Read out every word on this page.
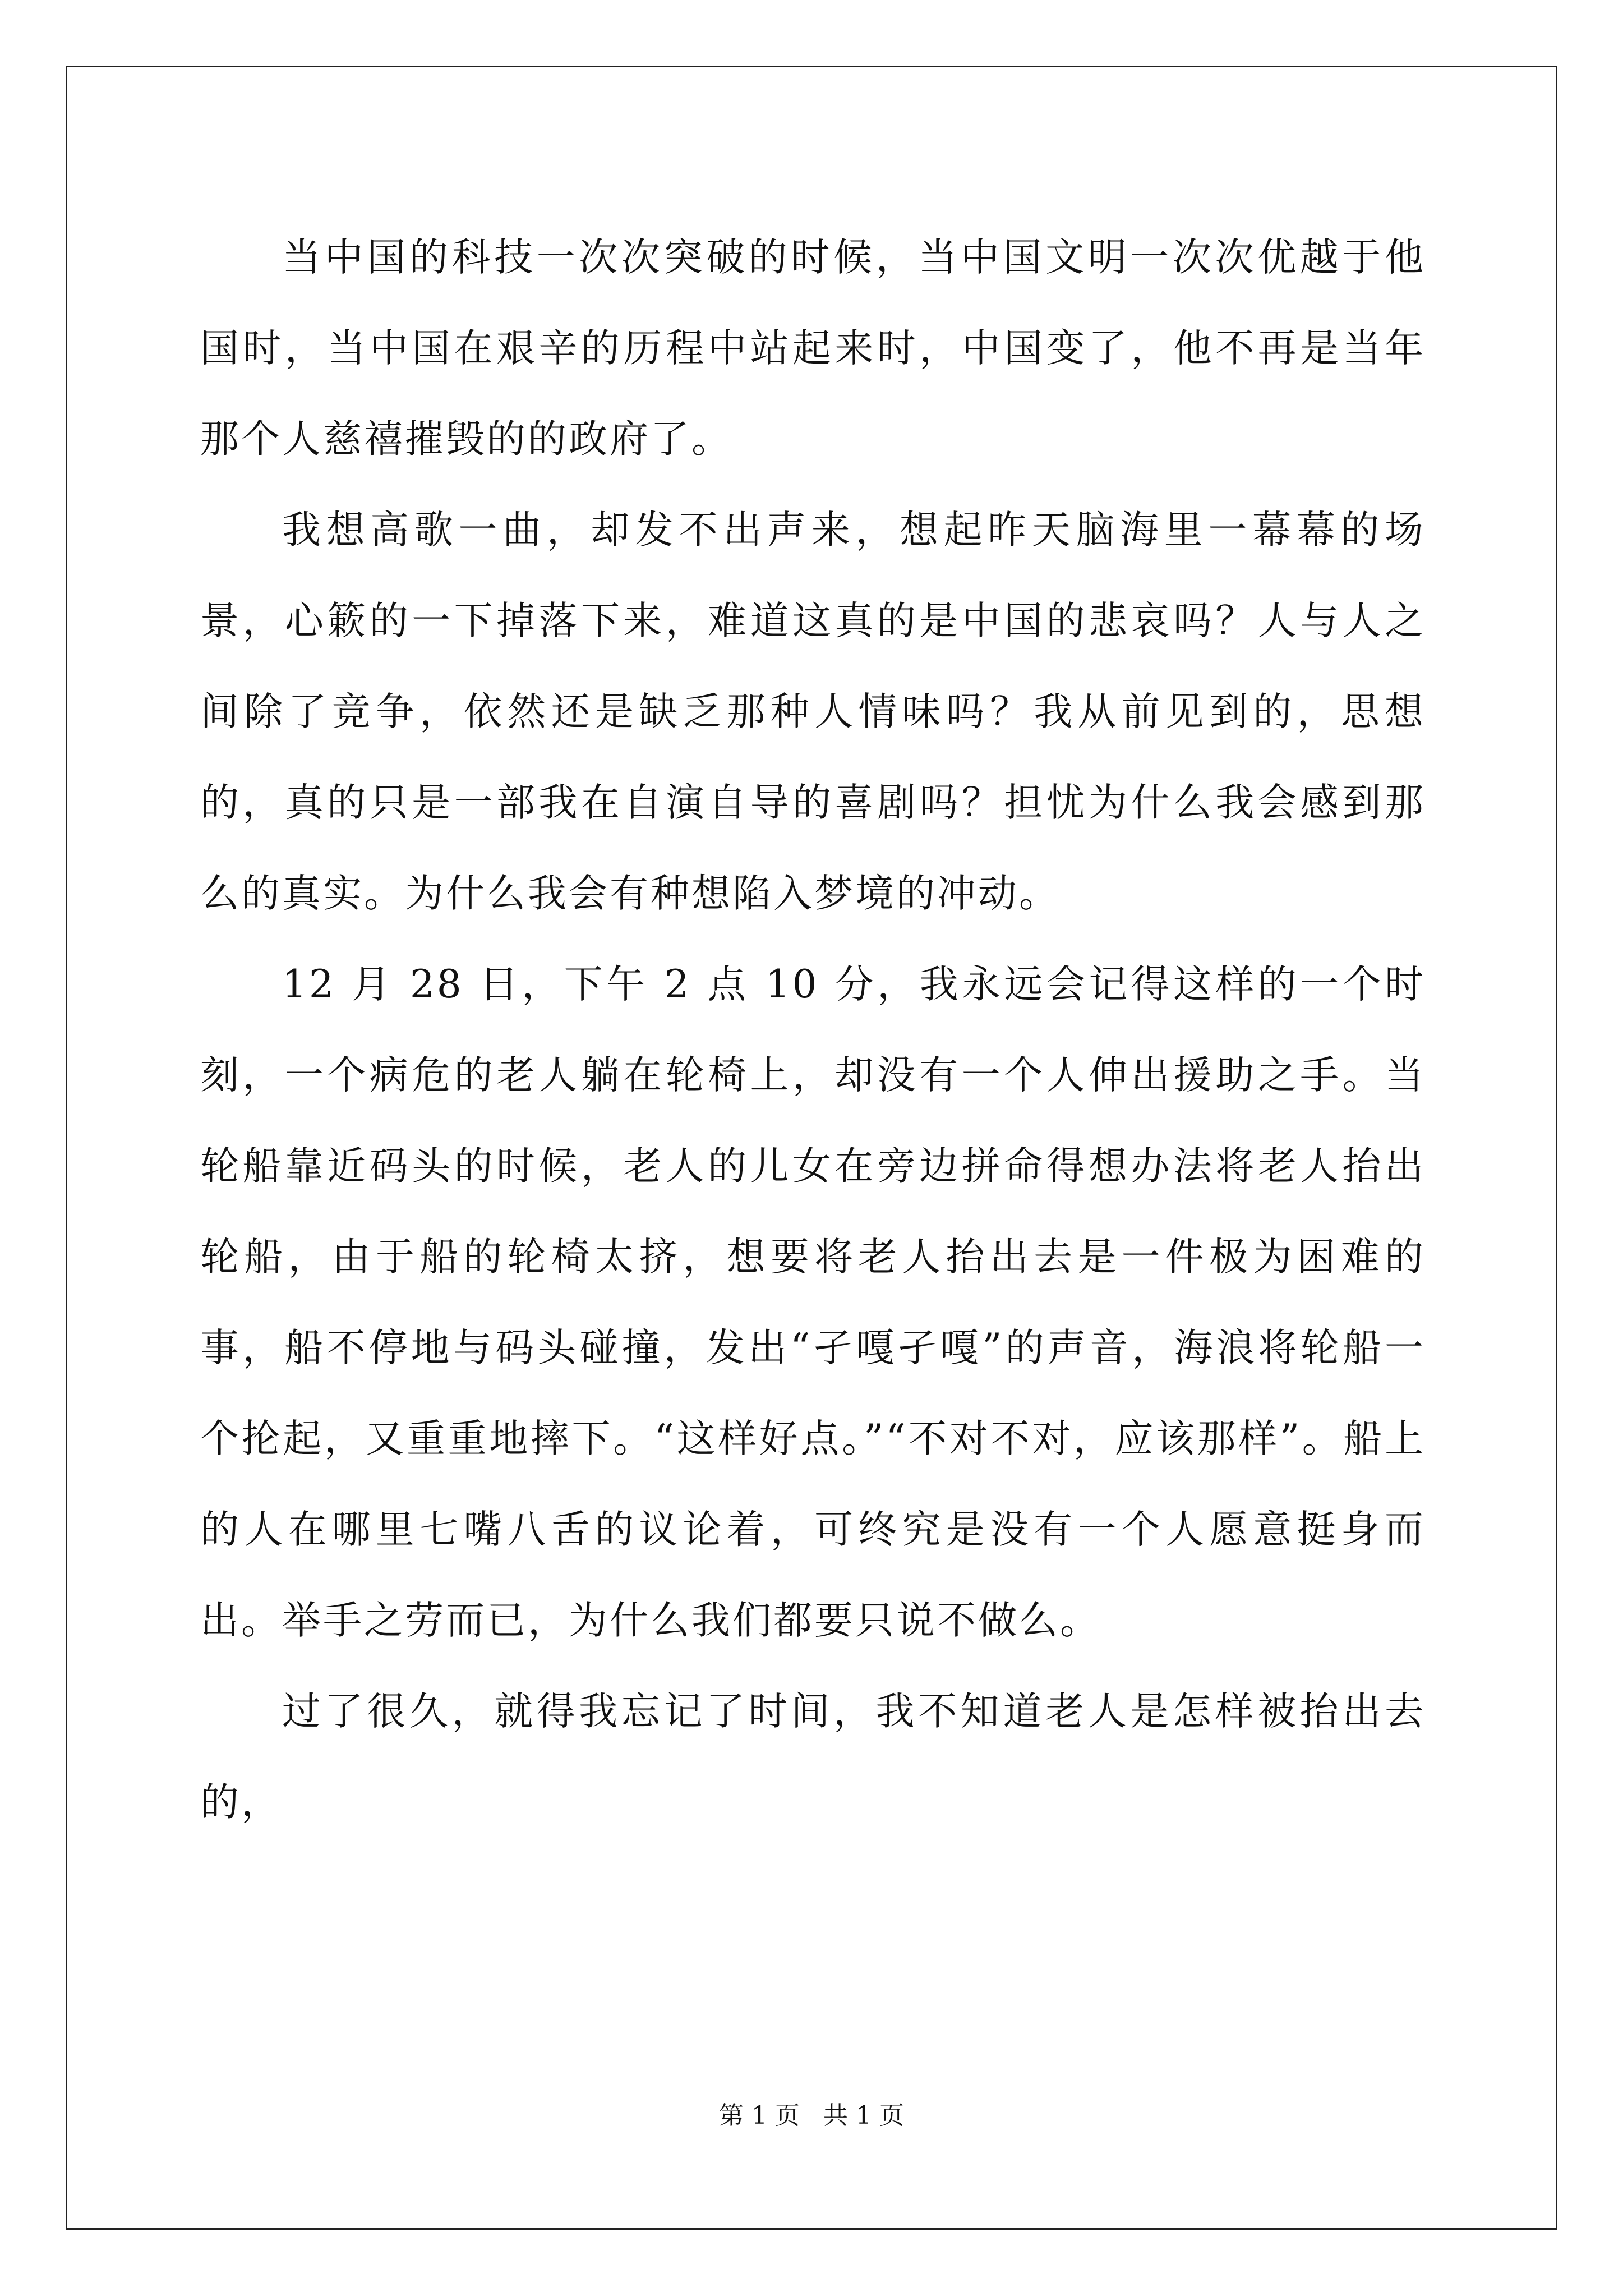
当中国的科技一次次突破的时候，当中国文明一次次优越于他国时，当中国在艰辛的历程中站起来时，中国变了，他不再是当年那个人慈禧摧毁的的政府了。

我想高歌一曲，却发不出声来，想起昨天脑海里一幕幕的场景，心簌的一下掉落下来，难道这真的是中国的悲哀吗？人与人之间除了竞争，依然还是缺乏那种人情味吗？我从前见到的，思想的，真的只是一部我在自演自导的喜剧吗？担忧为什么我会感到那么的真实。为什么我会有种想陷入梦境的冲动。

12 月 28 日，下午 2 点 10 分，我永远会记得这样的一个时刻，一个病危的老人躺在轮椅上，却没有一个人伸出援助之手。当轮船靠近码头的时候，老人的儿女在旁边拼命得想办法将老人抬出轮船，由于船的轮椅太挤，想要将老人抬出去是一件极为困难的事，船不停地与码头碰撞，发出“孑嘎孑嘎”的声音，海浪将轮船一个抡起，又重重地摔下。“这样好点。”“不对不对，应该那样”。船上的人在哪里七嘴八舌的议论着，可终究是没有一个人愿意挺身而出。举手之劳而已，为什么我们都要只说不做么。

过了很久，就得我忘记了时间，我不知道老人是怎样被抬出去的，

第 1 页 共 1 页
